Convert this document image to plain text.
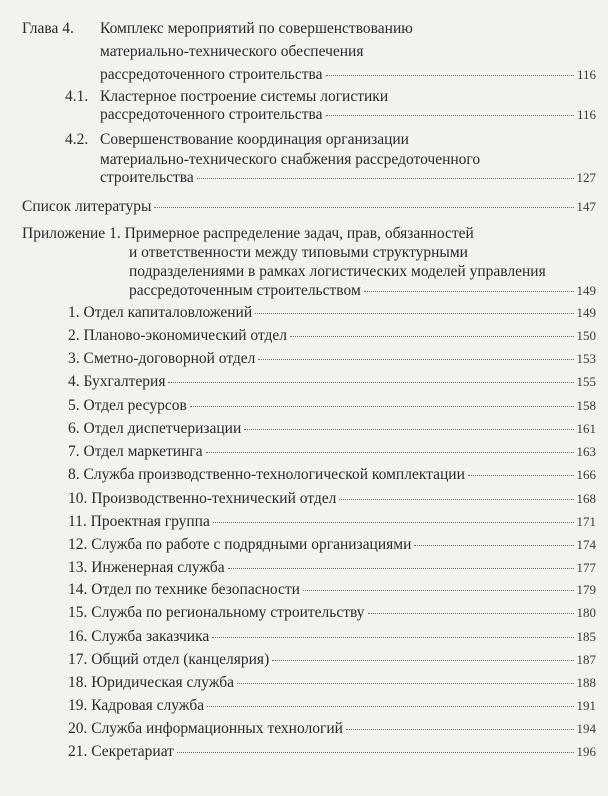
Глава 4. Комплекс мероприятий по совершенствованию
материально-технического обеспечения
рассредоточенного строительства	116
4.1. Кластерное построение системы логистики
рассредоточенного строительства	116
4.2. Совершенствование координация организации
материально-технического снабжения рассредоточенного
строительства	127
Список литературы	147
Приложение 1. Примерное распределение задач, прав, обязанностей
и ответственности между типовыми структурными
подразделениями в рамках логистических моделей управления
рассредоточенным строительством	149
1. Отдел капиталовложений	149
2. Планово-экономический отдел	150
3. Сметно-договорной отдел	153
4. Бухгалтерия	155
5. Отдел ресурсов	158
6. Отдел диспетчеризации	161
7. Отдел маркетинга	163
8. Служба производственно-технологической комплектации	166
10. Производственно-технический отдел	168
11. Проектная группа	171
12. Служба по работе с подрядными организациями	174
13. Инженерная служба	177
14. Отдел по технике безопасности	179
15. Служба по региональному строительству	180
16. Служба заказчика	185
17. Общий отдел (канцелярия)	187
18. Юридическая служба	188
19. Кадровая служба	191
20. Служба информационных технологий	194
21. Секретариат	196
